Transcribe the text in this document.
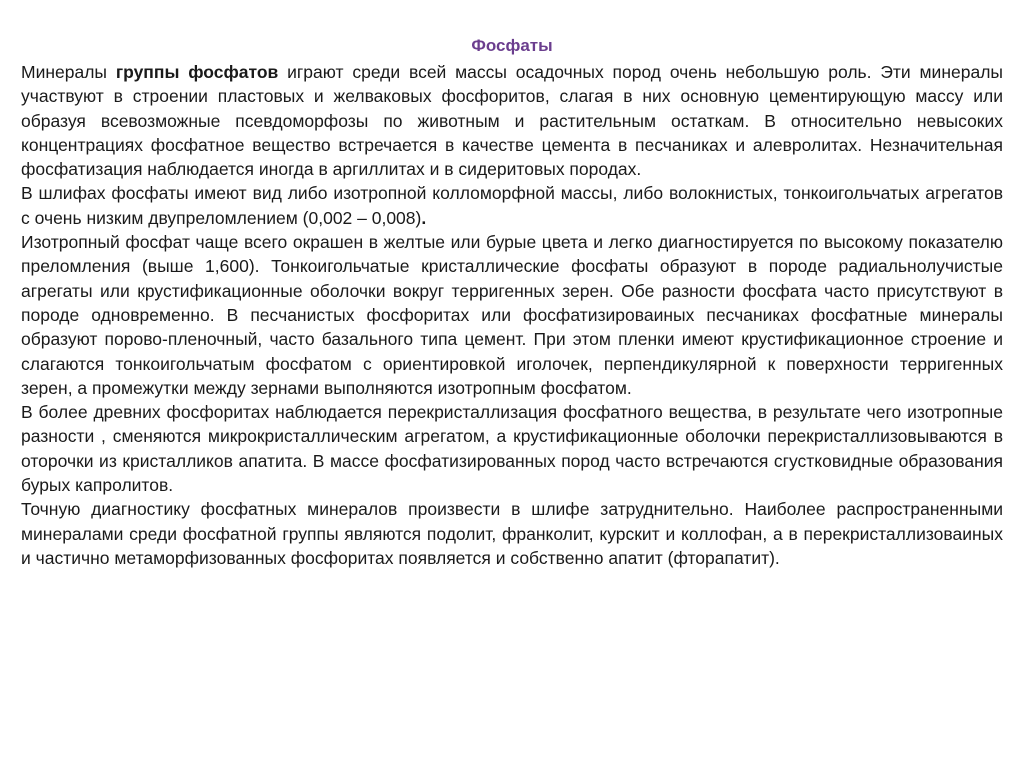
Фосфаты

Минералы группы фосфатов играют среди всей массы осадочных пород очень небольшую роль. Эти минералы участвуют в строении пластовых и желваковых фосфоритов, слагая в них основную цементирующую массу или образуя всевозможные псевдоморфозы по животным и растительным остаткам. В относительно невысоких концентрациях фосфатное вещество встречается в качестве цемента в песчаниках и алевролитах. Незначительная фосфатизация наблюдается иногда в аргиллитах и в сидеритовых породах.

В шлифах фосфаты имеют вид либо изотропной колломорфной массы, либо волокнистых, тонкоигольчатых агрегатов с очень низким двупреломлением (0,002 – 0,008).

Изотропный фосфат чаще всего окрашен в желтые или бурые цвета и легко диагностируется по высокому показателю преломления (выше 1,600). Тонкоигольчатые кристаллические фосфаты образуют в породе радиальнолучистые агрегаты или крустификационные оболочки вокруг терригенных зерен. Обе разности фосфата часто присутствуют в породе одновременно. В песчанистых фосфоритах или фосфатизироваиных песчаниках фосфатные минералы образуют порово-пленочный, часто базального типа цемент. При этом пленки имеют крустификационное строение и слагаются тонкоигольчатым фосфатом с ориентировкой иголочек, перпендикулярной к поверхности терригенных зерен, а промежутки между зернами выполняются изотропным фосфатом.

В более древних фосфоритах наблюдается перекристаллизация фосфатного вещества, в результате чего изотропные разности , сменяются микрокристаллическим агрегатом, а крустификационные оболочки перекристаллизовываются в оторочки из кристалликов апатита. В массе фосфатизированных пород часто встречаются сгустковидные образования бурых капролитов.

Точную диагностику фосфатных минералов произвести в шлифе затруднительно. Наиболее распространенными минералами среди фосфатной группы являются подолит, франколит, курскит и коллофан, а в перекристаллизоваиных и частично метаморфизованных фосфоритах появляется и собственно апатит (фторапатит).
